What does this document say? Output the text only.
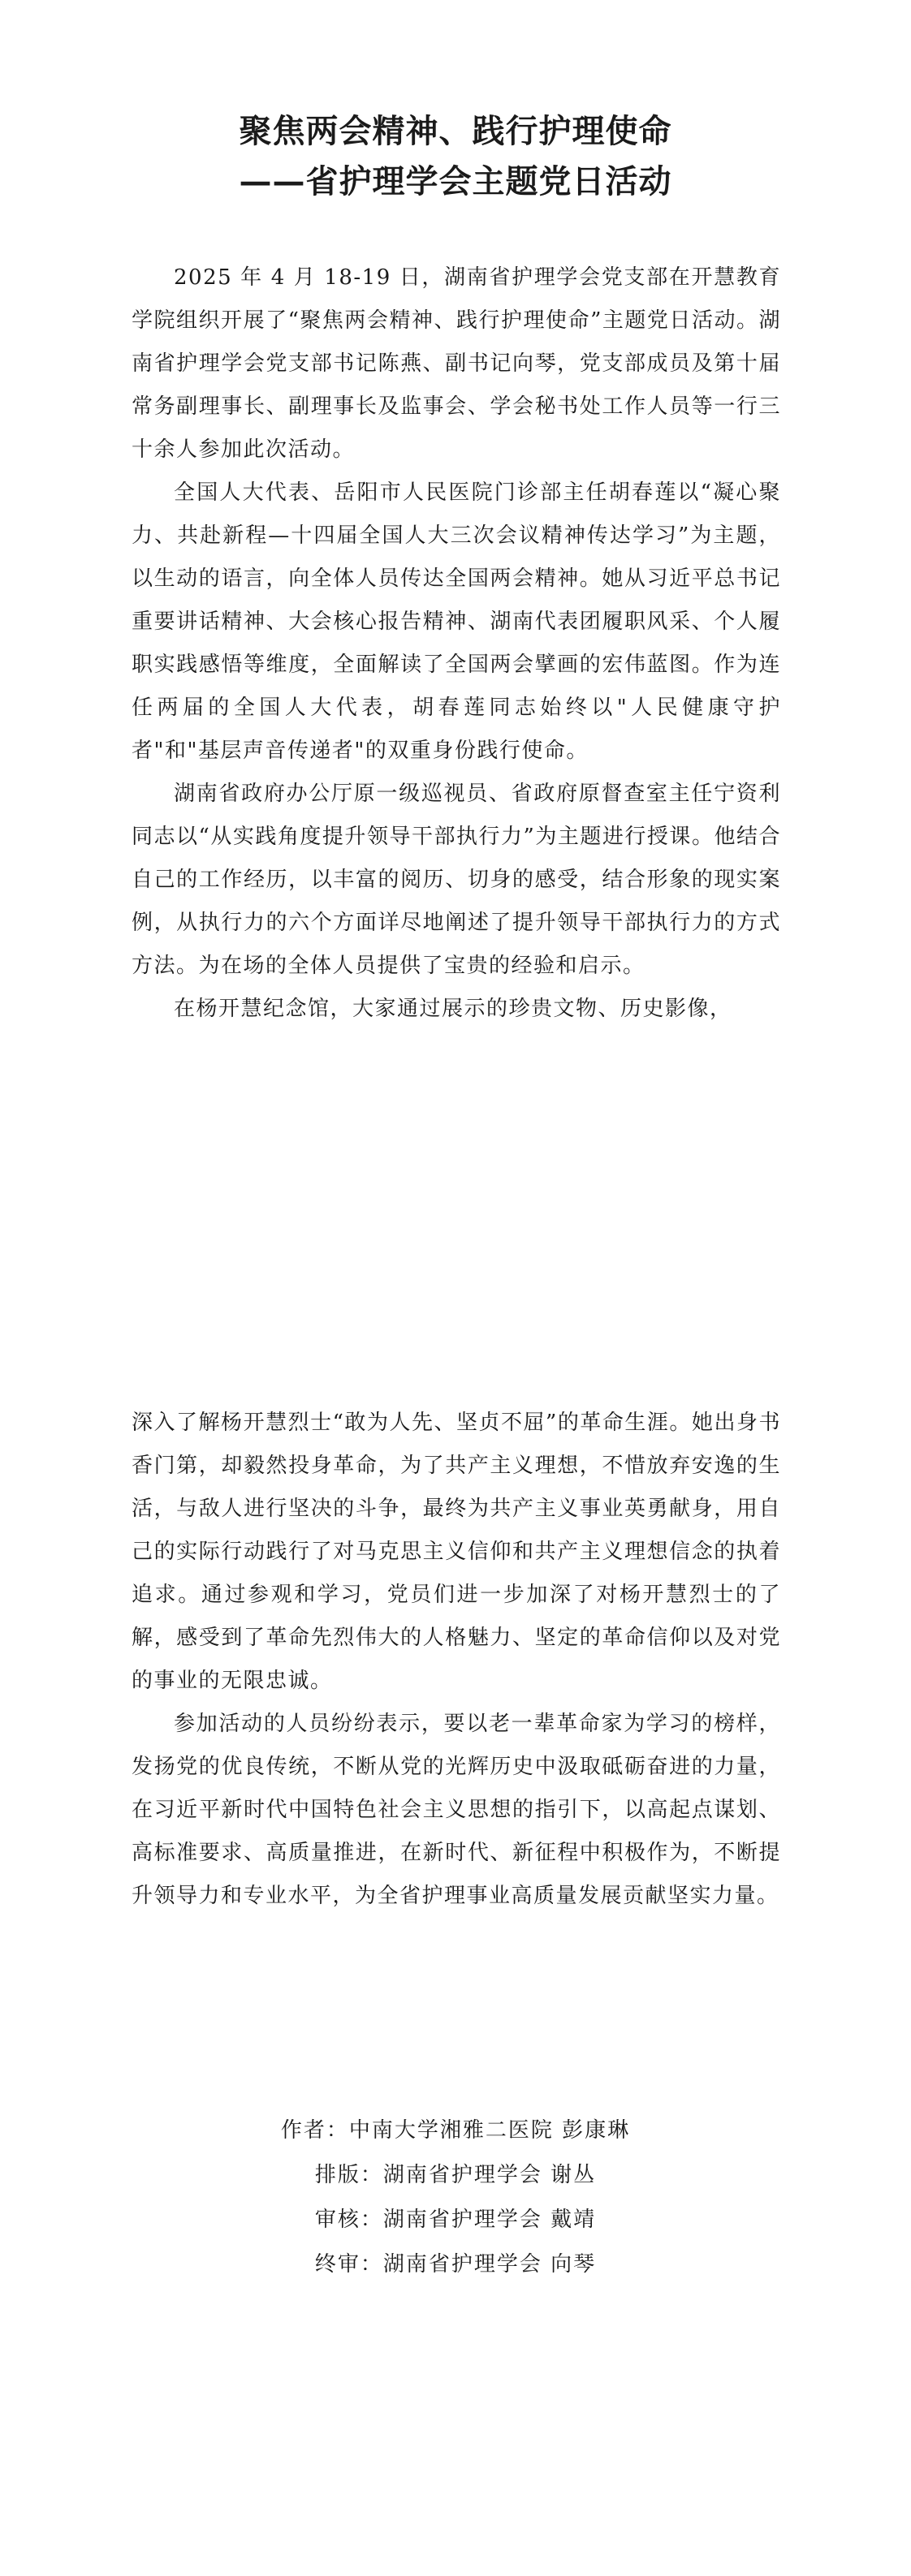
聚焦两会精神、践行护理使命
——省护理学会主题党日活动

2025 年 4 月 18-19 日，湖南省护理学会党支部在开慧教育学院组织开展了“聚焦两会精神、践行护理使命”主题党日活动。湖南省护理学会党支部书记陈燕、副书记向琴，党支部成员及第十届常务副理事长、副理事长及监事会、学会秘书处工作人员等一行三十余人参加此次活动。

全国人大代表、岳阳市人民医院门诊部主任胡春莲以“凝心聚力、共赴新程—十四届全国人大三次会议精神传达学习”为主题，以生动的语言，向全体人员传达全国两会精神。她从习近平总书记重要讲话精神、大会核心报告精神、湖南代表团履职风采、个人履职实践感悟等维度，全面解读了全国两会擘画的宏伟蓝图。作为连任两届的全国人大代表，胡春莲同志始终以"人民健康守护者"和"基层声音传递者"的双重身份践行使命。

湖南省政府办公厅原一级巡视员、省政府原督查室主任宁资利同志以“从实践角度提升领导干部执行力”为主题进行授课。他结合自己的工作经历，以丰富的阅历、切身的感受，结合形象的现实案例，从执行力的六个方面详尽地阐述了提升领导干部执行力的方式方法。为在场的全体人员提供了宝贵的经验和启示。

在杨开慧纪念馆，大家通过展示的珍贵文物、历史影像，

深入了解杨开慧烈士“敢为人先、坚贞不屈”的革命生涯。她出身书香门第，却毅然投身革命，为了共产主义理想，不惜放弃安逸的生活，与敌人进行坚决的斗争，最终为共产主义事业英勇献身，用自己的实际行动践行了对马克思主义信仰和共产主义理想信念的执着追求。通过参观和学习，党员们进一步加深了对杨开慧烈士的了解，感受到了革命先烈伟大的人格魅力、坚定的革命信仰以及对党的事业的无限忠诚。

参加活动的人员纷纷表示，要以老一辈革命家为学习的榜样，发扬党的优良传统，不断从党的光辉历史中汲取砥砺奋进的力量，在习近平新时代中国特色社会主义思想的指引下，以高起点谋划、高标准要求、高质量推进，在新时代、新征程中积极作为，不断提升领导力和专业水平，为全省护理事业高质量发展贡献坚实力量。

作者：中南大学湘雅二医院 彭康琳
排版：湖南省护理学会 谢丛
审核：湖南省护理学会 戴靖
终审：湖南省护理学会 向琴
